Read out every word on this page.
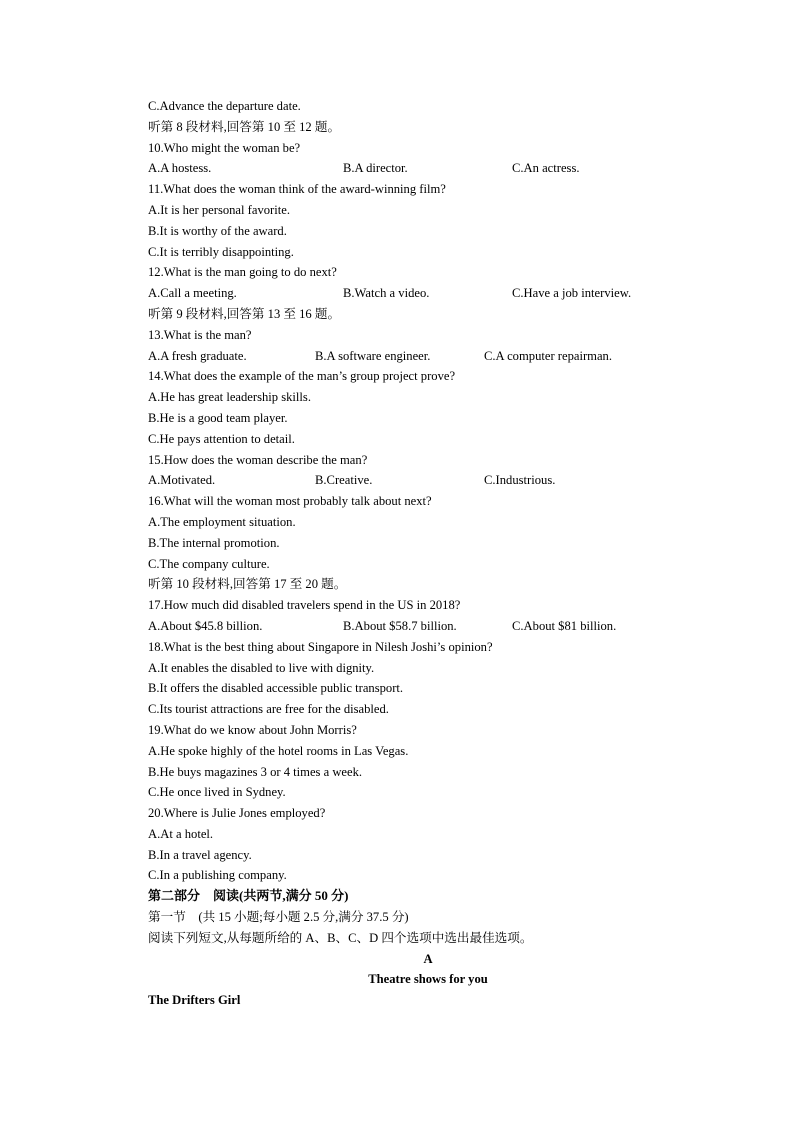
C.Advance the departure date.
听第 8 段材料,回答第 10 至 12 题。
10.Who might the woman be?
A.A hostess.	B.A director.	C.An actress.
11.What does the woman think of the award-winning film?
A.It is her personal favorite.
B.It is worthy of the award.
C.It is terribly disappointing.
12.What is the man going to do next?
A.Call a meeting.	B.Watch a video.	C.Have a job interview.
听第 9 段材料,回答第 13 至 16 题。
13.What is the man?
A.A fresh graduate.	B.A software engineer.	C.A computer repairman.
14.What does the example of the man’s group project prove?
A.He has great leadership skills.
B.He is a good team player.
C.He pays attention to detail.
15.How does the woman describe the man?
A.Motivated.	B.Creative.	C.Industrious.
16.What will the woman most probably talk about next?
A.The employment situation.
B.The internal promotion.
C.The company culture.
听第 10 段材料,回答第 17 至 20 题。
17.How much did disabled travelers spend in the US in 2018?
A.About $45.8 billion.	B.About $58.7 billion.	C.About $81 billion.
18.What is the best thing about Singapore in Nilesh Joshi’s opinion?
A.It enables the disabled to live with dignity.
B.It offers the disabled accessible public transport.
C.Its tourist attractions are free for the disabled.
19.What do we know about John Morris?
A.He spoke highly of the hotel rooms in Las Vegas.
B.He buys magazines 3 or 4 times a week.
C.He once lived in Sydney.
20.Where is Julie Jones employed?
A.At a hotel.
B.In a travel agency.
C.In a publishing company.
第二部分　阅读(共两节,满分 50 分)
第一节　(共 15 小题;每小题 2.5 分,满分 37.5 分)
阅读下列短文,从每题所给的 A、B、C、D 四个选项中选出最佳选项。
A
Theatre shows for you
The Drifters Girl
